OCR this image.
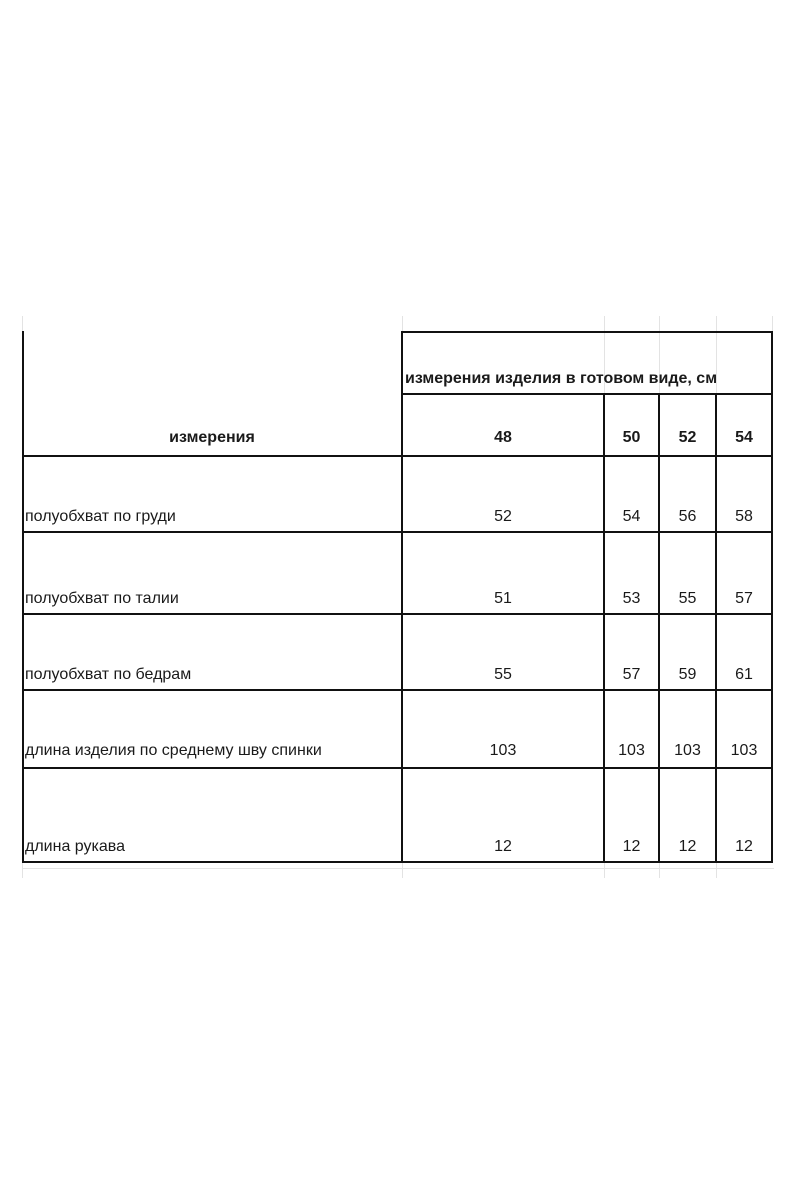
измерения изделия в готовом виде, см
измерения	48	50	52	54
полуобхват по груди	52	54	56	58
полуобхват по талии	51	53	55	57
полуобхват по бедрам	55	57	59	61
длина изделия по среднему шву спинки	103	103	103	103
длина рукава	12	12	12	12
